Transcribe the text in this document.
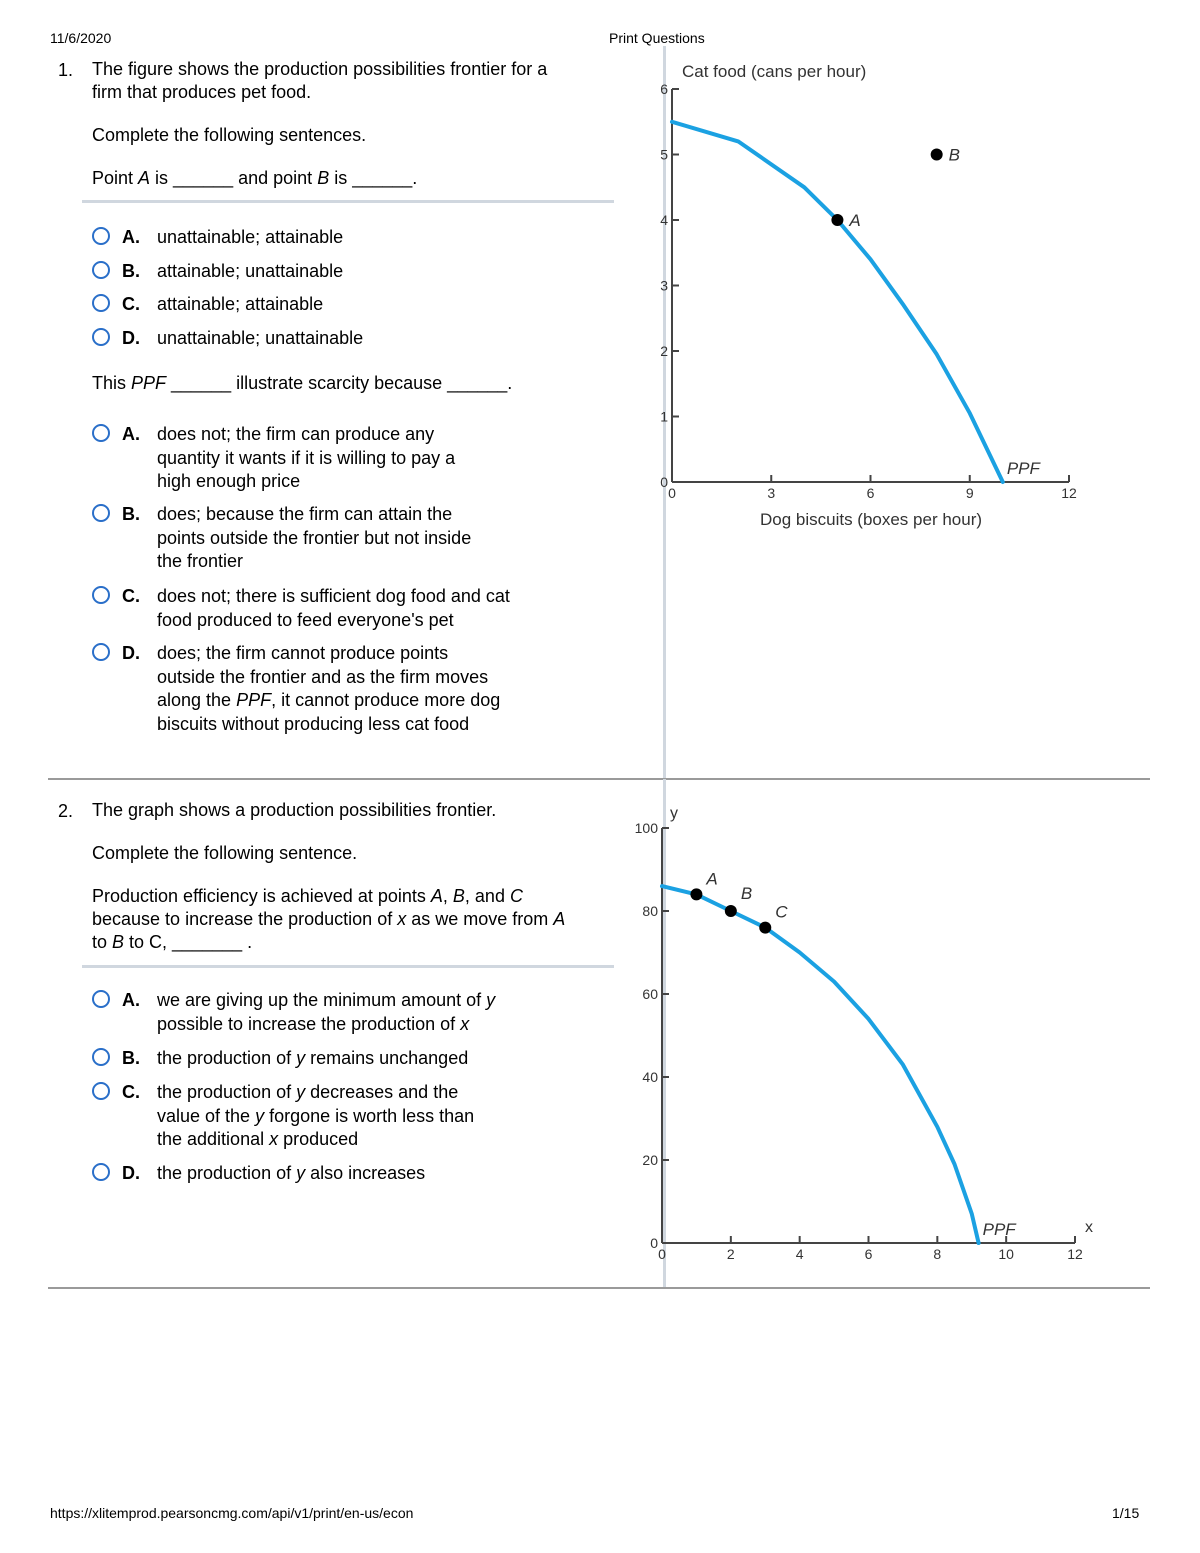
11/6/2020	Print Questions
1. The figure shows the production possibilities frontier for a firm that produces pet food.

Complete the following sentences.

Point A is ______ and point B is ______.

A. unattainable; attainable
B. attainable; unattainable
C. attainable; attainable
D. unattainable; unattainable
This PPF ______ illustrate scarcity because ______.
A. does not; the firm can produce any quantity it wants if it is willing to pay a high enough price
B. does; because the firm can attain the points outside the frontier but not inside the frontier
C. does not; there is sufficient dog food and cat food produced to feed everyone's pet
D. does; the firm cannot produce points outside the frontier and as the firm moves along the PPF, it cannot produce more dog biscuits without producing less cat food
2. The graph shows a production possibilities frontier.

Complete the following sentence.

Production efficiency is achieved at points A, B, and C because to increase the production of x as we move from A to B to C, _______ .

A. we are giving up the minimum amount of y possible to increase the production of x
B. the production of y remains unchanged
C. the production of y decreases and the value of the y forgone is worth less than the additional x produced
D. the production of y also increases
Cat food (cans per hour)
Dog biscuits (boxes per hour)
0
1
2
3
4
5
6
0	3	6	9	12
PPF
A
B
y
x
0
20
40
60
80
100
0	2	4	6	8	10	12
PPF
A
B
C
https://xlitemprod.pearsoncmg.com/api/v1/print/en-us/econ	1/15
